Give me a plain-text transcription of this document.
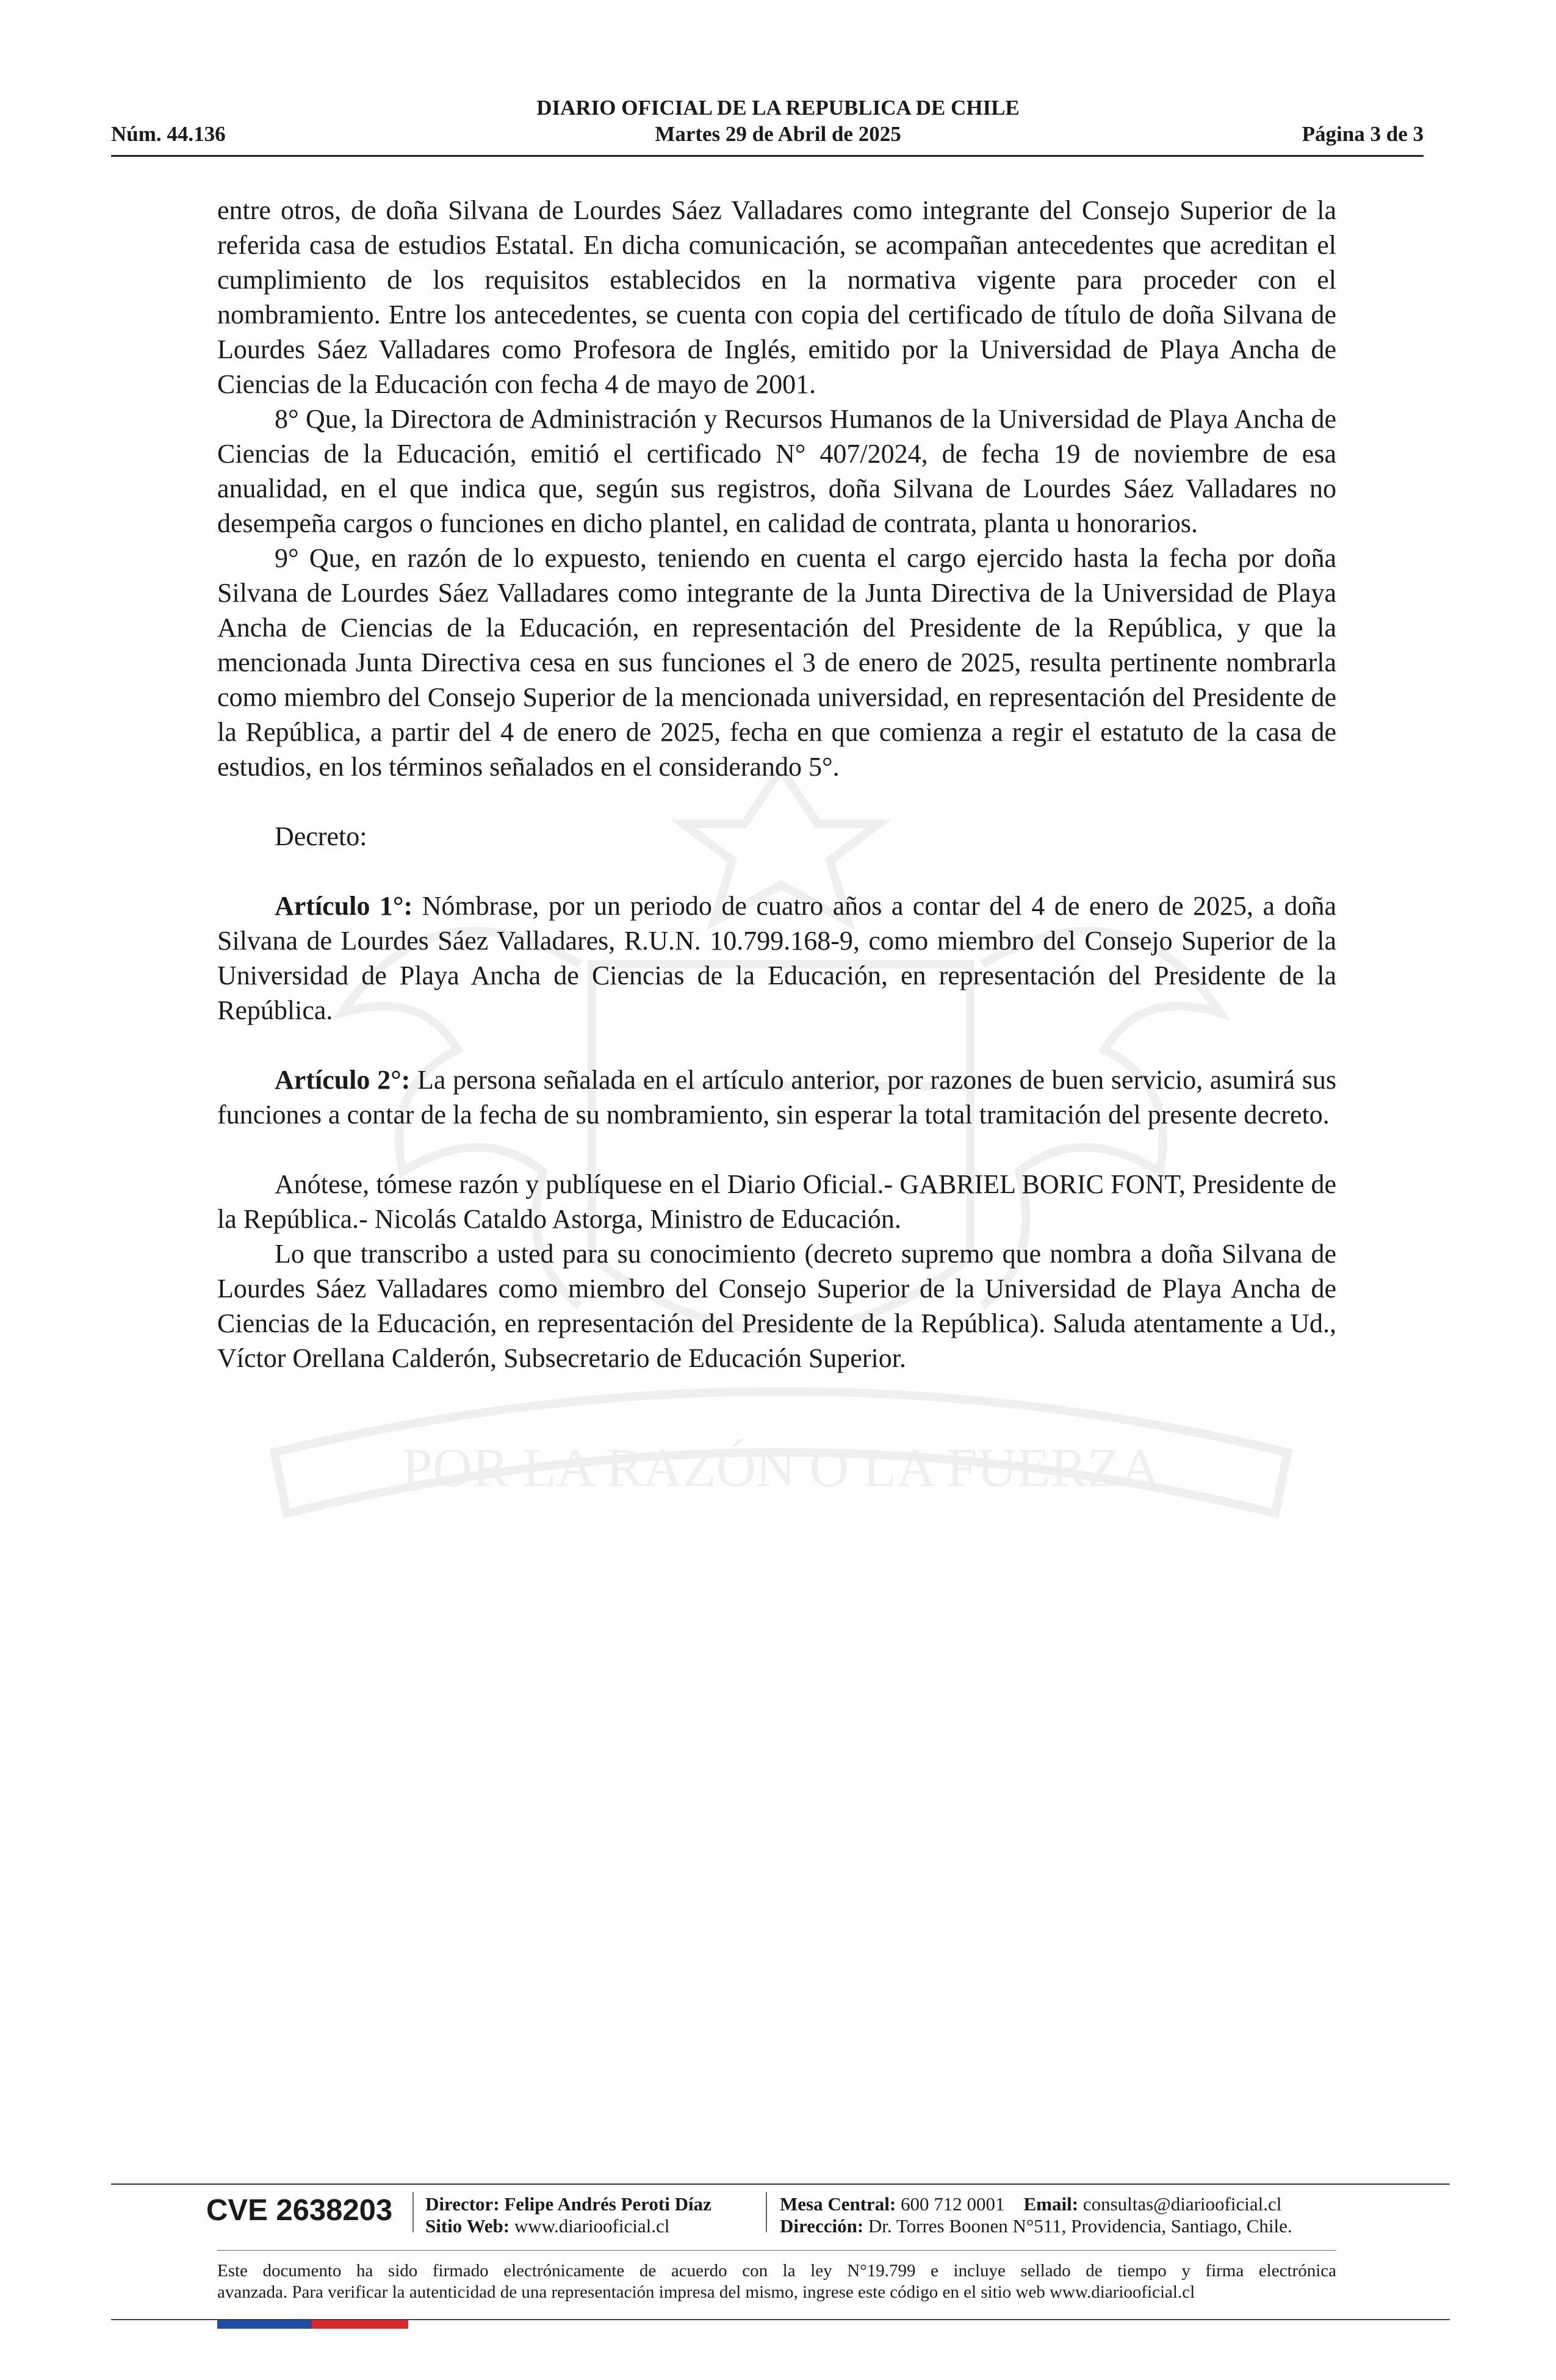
DIARIO OFICIAL DE LA REPUBLICA DE CHILE
Núm. 44.136	Martes 29 de Abril de 2025	Página 3 de 3
POR LA RAZÓN O LA FUERZA

entre otros, de doña Silvana de Lourdes Sáez Valladares como integrante del Consejo Superior de la referida casa de estudios Estatal. En dicha comunicación, se acompañan antecedentes que acreditan el cumplimiento de los requisitos establecidos en la normativa vigente para proceder con el nombramiento. Entre los antecedentes, se cuenta con copia del certificado de título de doña Silvana de Lourdes Sáez Valladares como Profesora de Inglés, emitido por la Universidad de Playa Ancha de Ciencias de la Educación con fecha 4 de mayo de 2001.

8° Que, la Directora de Administración y Recursos Humanos de la Universidad de Playa Ancha de Ciencias de la Educación, emitió el certificado N° 407/2024, de fecha 19 de noviembre de esa anualidad, en el que indica que, según sus registros, doña Silvana de Lourdes Sáez Valladares no desempeña cargos o funciones en dicho plantel, en calidad de contrata, planta u honorarios.

9° Que, en razón de lo expuesto, teniendo en cuenta el cargo ejercido hasta la fecha por doña Silvana de Lourdes Sáez Valladares como integrante de la Junta Directiva de la Universidad de Playa Ancha de Ciencias de la Educación, en representación del Presidente de la República, y que la mencionada Junta Directiva cesa en sus funciones el 3 de enero de 2025, resulta pertinente nombrarla como miembro del Consejo Superior de la mencionada universidad, en representación del Presidente de la República, a partir del 4 de enero de 2025, fecha en que comienza a regir el estatuto de la casa de estudios, en los términos señalados en el considerando 5°.

Decreto:

Artículo 1°: Nómbrase, por un periodo de cuatro años a contar del 4 de enero de 2025, a doña Silvana de Lourdes Sáez Valladares, R.U.N. 10.799.168-9, como miembro del Consejo Superior de la Universidad de Playa Ancha de Ciencias de la Educación, en representación del Presidente de la República.

Artículo 2°: La persona señalada en el artículo anterior, por razones de buen servicio, asumirá sus funciones a contar de la fecha de su nombramiento, sin esperar la total tramitación del presente decreto.

Anótese, tómese razón y publíquese en el Diario Oficial.- GABRIEL BORIC FONT, Presidente de la República.- Nicolás Cataldo Astorga, Ministro de Educación.

Lo que transcribo a usted para su conocimiento (decreto supremo que nombra a doña Silvana de Lourdes Sáez Valladares como miembro del Consejo Superior de la Universidad de Playa Ancha de Ciencias de la Educación, en representación del Presidente de la República). Saluda atentamente a Ud., Víctor Orellana Calderón, Subsecretario de Educación Superior.

CVE 2638203 Director: Felipe Andrés Peroti Díaz
Sitio Web: www.diariooficial.cl
Mesa Central: 600 712 0001 Email: consultas@diariooficial.cl
Dirección: Dr. Torres Boonen N°511, Providencia, Santiago, Chile.
Este documento ha sido firmado electrónicamente de acuerdo con la ley N°19.799 e incluye sellado de tiempo y firma electrónica
avanzada. Para verificar la autenticidad de una representación impresa del mismo, ingrese este código en el sitio web www.diariooficial.cl
